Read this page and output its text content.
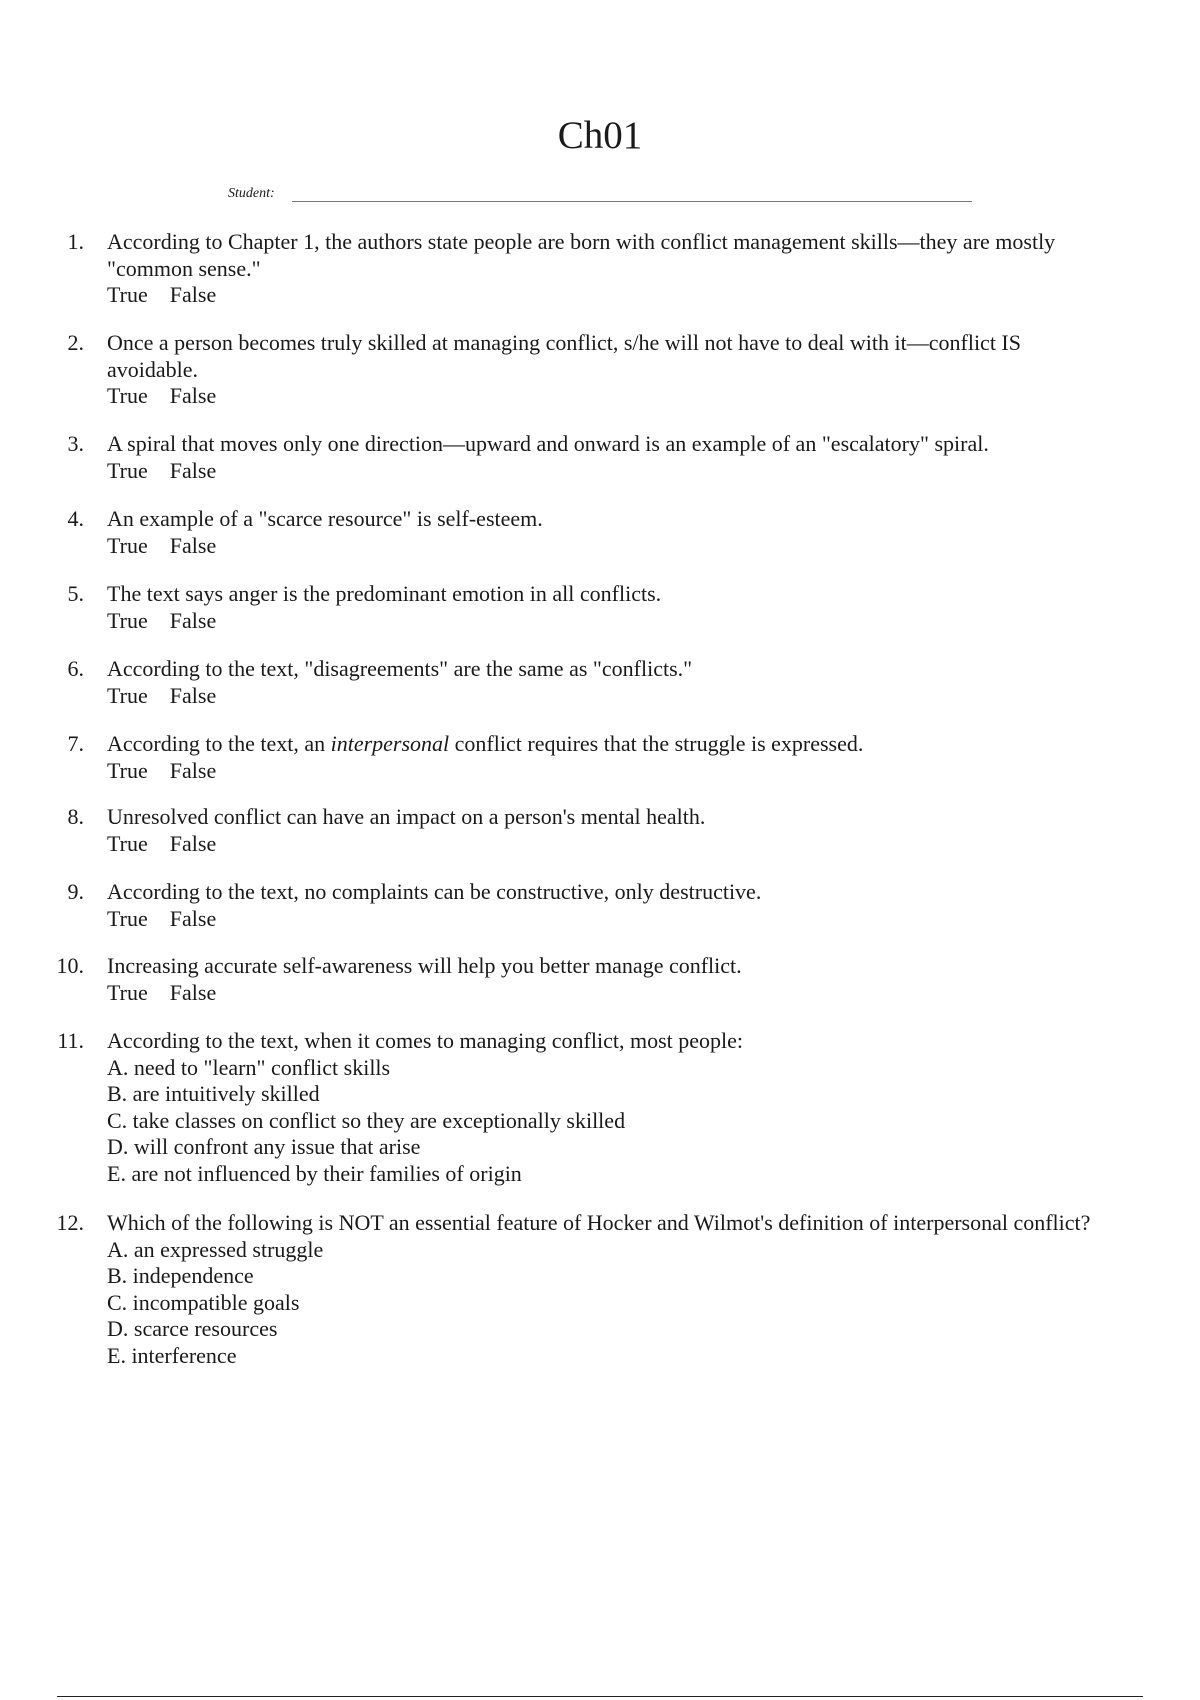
Ch01
Student:
1. According to Chapter 1, the authors state people are born with conflict management skills—they are mostly "common sense."
True False
2. Once a person becomes truly skilled at managing conflict, s/he will not have to deal with it—conflict IS avoidable.
True False
3. A spiral that moves only one direction—upward and onward is an example of an "escalatory" spiral.
True False
4. An example of a "scarce resource" is self-esteem.
True False
5. The text says anger is the predominant emotion in all conflicts.
True False
6. According to the text, "disagreements" are the same as "conflicts."
True False
7. According to the text, an interpersonal conflict requires that the struggle is expressed.
True False
8. Unresolved conflict can have an impact on a person's mental health.
True False
9. According to the text, no complaints can be constructive, only destructive.
True False
10. Increasing accurate self-awareness will help you better manage conflict.
True False
11. According to the text, when it comes to managing conflict, most people:
A. need to "learn" conflict skills
B. are intuitively skilled
C. take classes on conflict so they are exceptionally skilled
D. will confront any issue that arise
E. are not influenced by their families of origin
12. Which of the following is NOT an essential feature of Hocker and Wilmot's definition of interpersonal conflict?
A. an expressed struggle
B. independence
C. incompatible goals
D. scarce resources
E. interference
